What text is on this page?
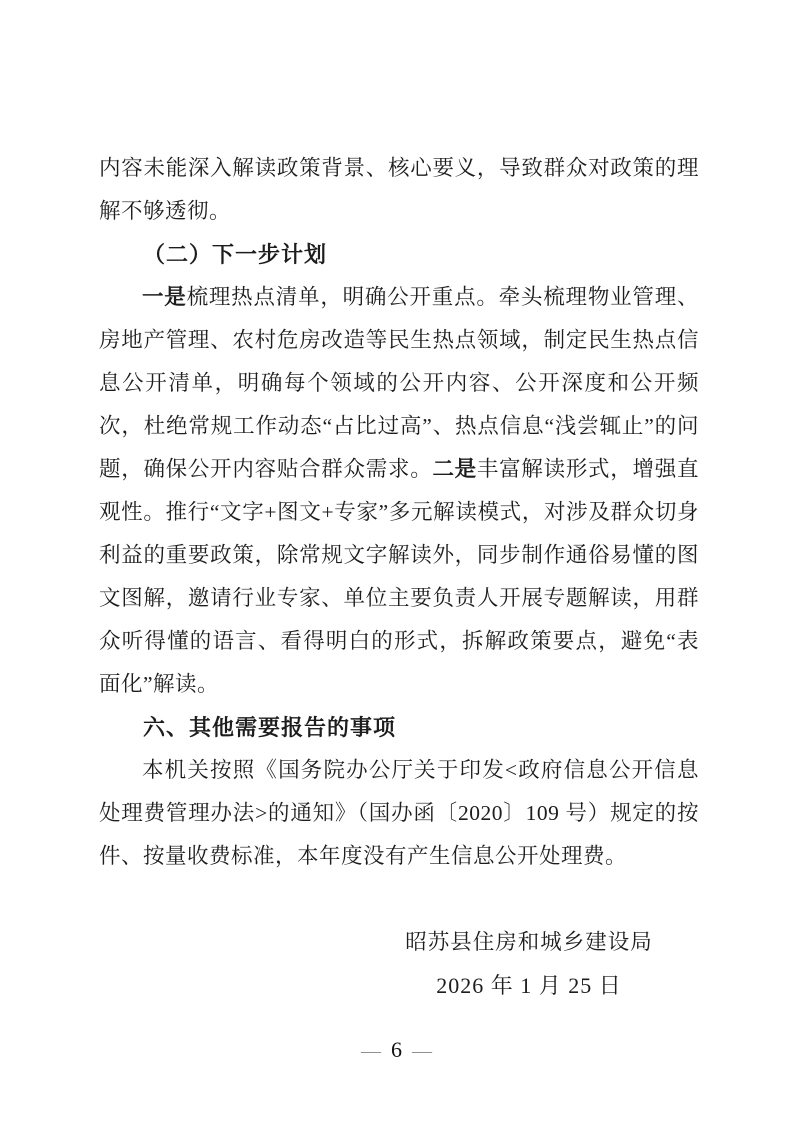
内容未能深入解读政策背景、核心要义，导致群众对政策的理解不够透彻。

（二）下一步计划

一是梳理热点清单，明确公开重点。牵头梳理物业管理、房地产管理、农村危房改造等民生热点领域，制定民生热点信息公开清单，明确每个领域的公开内容、公开深度和公开频次，杜绝常规工作动态“占比过高”、热点信息“浅尝辄止”的问题，确保公开内容贴合群众需求。二是丰富解读形式，增强直观性。推行“文字+图文+专家”多元解读模式，对涉及群众切身利益的重要政策，除常规文字解读外，同步制作通俗易懂的图文图解，邀请行业专家、单位主要负责人开展专题解读，用群众听得懂的语言、看得明白的形式，拆解政策要点，避免“表面化”解读。

六、其他需要报告的事项

本机关按照《国务院办公厅关于印发<政府信息公开信息处理费管理办法>的通知》（国办函〔2020〕109 号）规定的按件、按量收费标准，本年度没有产生信息公开处理费。

昭苏县住房和城乡建设局
2026 年 1 月 25 日
— 6 —
